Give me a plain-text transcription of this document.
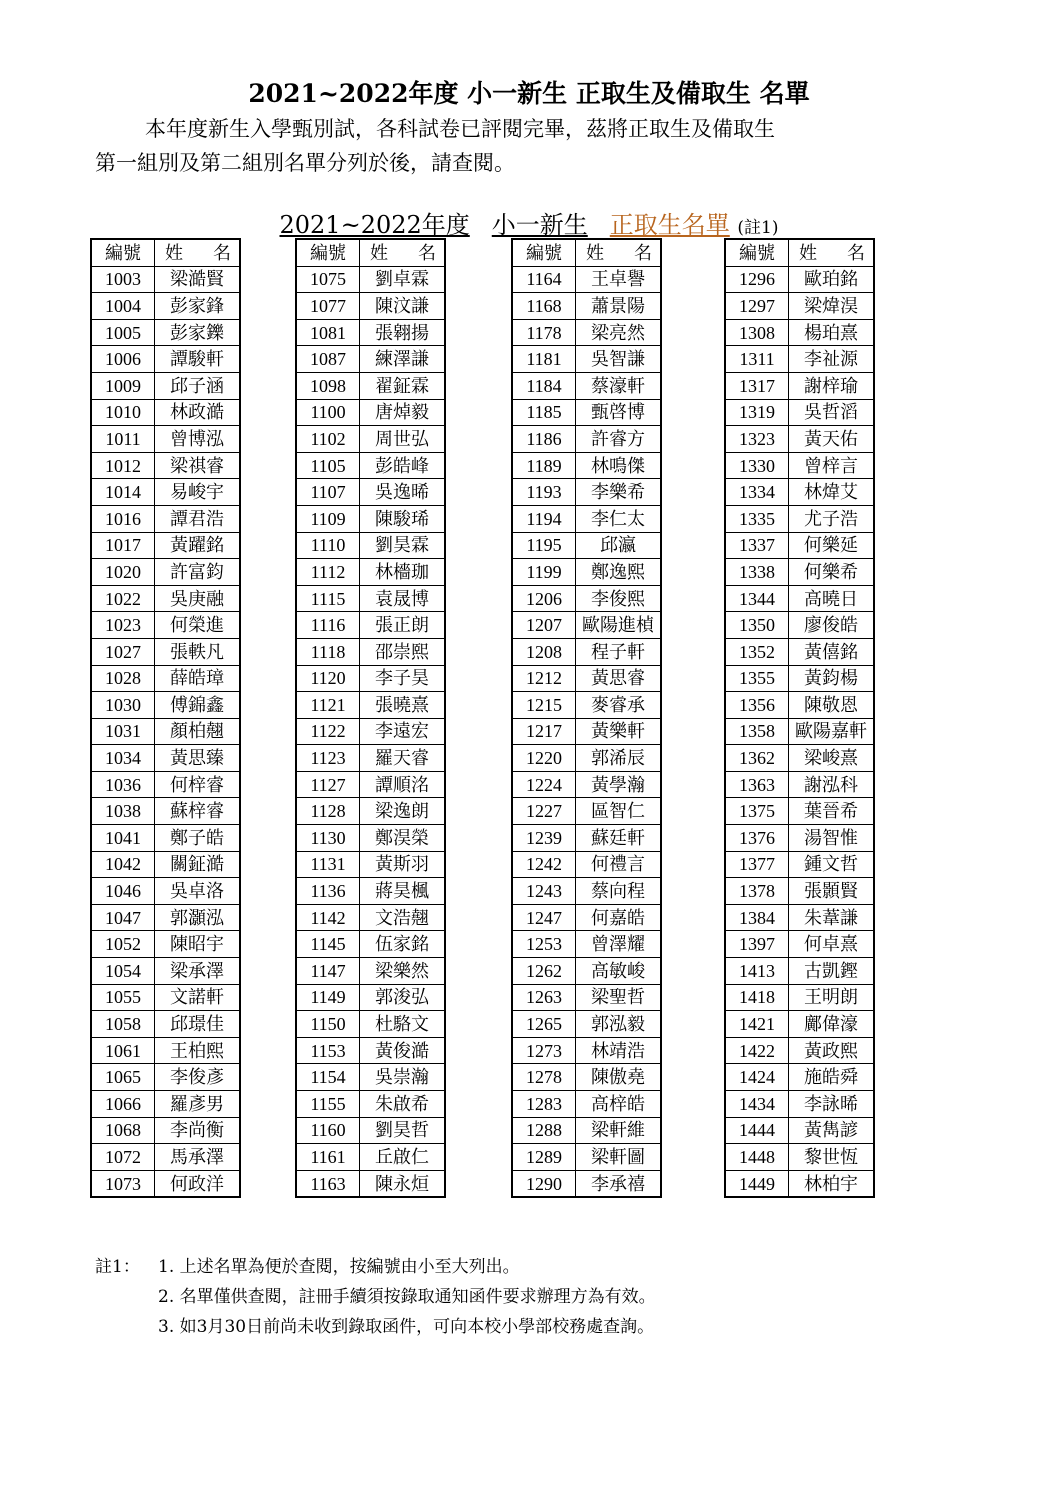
2021~2022年度 小一新生 正取生及備取生 名單

本年度新生入學甄別試，各科試卷已評閱完畢，茲將正取生及備取生
第一組別及第二組別名單分列於後，請查閱。

2021~2022年度 小一新生 正取生名單 (註1)
編號	姓 名

1003	梁澔賢
1004	彭家鋒
1005	彭家鑠
1006	譚駿軒
1009	邱子涵
1010	林政澔
1011	曾博泓
1012	梁祺睿
1014	易峻宇
1016	譚君浩
1017	黃躍銘
1020	許富鈞
1022	吳庚融
1023	何榮進
1027	張軼凡
1028	薛皓璋
1030	傅錦鑫
1031	顏柏翹
1034	黃思臻
1036	何梓睿
1038	蘇梓睿
1041	鄭子皓
1042	關鉦澔
1046	吳卓洛
1047	郭灝泓
1052	陳昭宇
1054	梁承澤
1055	文諾軒
1058	邱璟佳
1061	王柏熙
1065	李俊彥
1066	羅彥男
1068	李尚衡
1072	馬承澤
1073	何政洋
編號	姓 名

1075	劉卓霖
1077	陳汶謙
1081	張翱揚
1087	練澤謙
1098	翟鉦霖
1100	唐焯毅
1102	周世弘
1105	彭皓峰
1107	吳逸晞
1109	陳駿琋
1110	劉昊霖
1112	林檣珈
1115	袁晟博
1116	張正朗
1118	邵崇熙
1120	李子昊
1121	張曉熹
1122	李遠宏
1123	羅天睿
1127	譚順洺
1128	梁逸朗
1130	鄭淏榮
1131	黃斯羽
1136	蔣昊楓
1142	文浩翹
1145	伍家銘
1147	梁樂然
1149	郭浚弘
1150	杜駱文
1153	黃俊澔
1154	吳崇瀚
1155	朱啟希
1160	劉昊哲
1161	丘啟仁
1163	陳永烜
編號	姓 名

1164	王卓譽
1168	蕭景陽
1178	梁亮然
1181	吳智謙
1184	蔡濠軒
1185	甄啓博
1186	許睿方
1189	林鳴傑
1193	李樂希
1194	李仁太
1195	邱瀛
1199	鄭逸熙
1206	李俊熙
1207	歐陽進楨
1208	程子軒
1212	黃思睿
1215	麥睿承
1217	黃樂軒
1220	郭浠辰
1224	黃學瀚
1227	區智仁
1239	蘇廷軒
1242	何禮言
1243	蔡向程
1247	何嘉皓
1253	曾澤耀
1262	高敏峻
1263	梁聖哲
1265	郭泓毅
1273	林靖浩
1278	陳傲堯
1283	高梓皓
1288	梁軒維
1289	梁軒圖
1290	李承禧
編號	姓 名

1296	歐珀銘
1297	梁煒淏
1308	楊珀熹
1311	李祉源
1317	謝梓瑜
1319	吳哲滔
1323	黃天佑
1330	曾梓言
1334	林煒艾
1335	尤子浩
1337	何樂延
1338	何樂希
1344	高曉日
1350	廖俊皓
1352	黃僖銘
1355	黃鈞楊
1356	陳敬恩
1358	歐陽嘉軒
1362	梁峻熹
1363	謝泓科
1375	葉晉希
1376	湯智惟
1377	鍾文哲
1378	張顥賢
1384	朱葦謙
1397	何卓熹
1413	古凱鏗
1418	王明朗
1421	鄺偉濠
1422	黃政熙
1424	施皓舜
1434	李詠晞
1444	黃雋諺
1448	黎世恆
1449	林柏宇
註1：	1. 上述名單為便於查閱，按編號由小至大列出。
2. 名單僅供查閱，註冊手續須按錄取通知函件要求辦理方為有效。
3. 如3月30日前尚未收到錄取函件，可向本校小學部校務處查詢。
